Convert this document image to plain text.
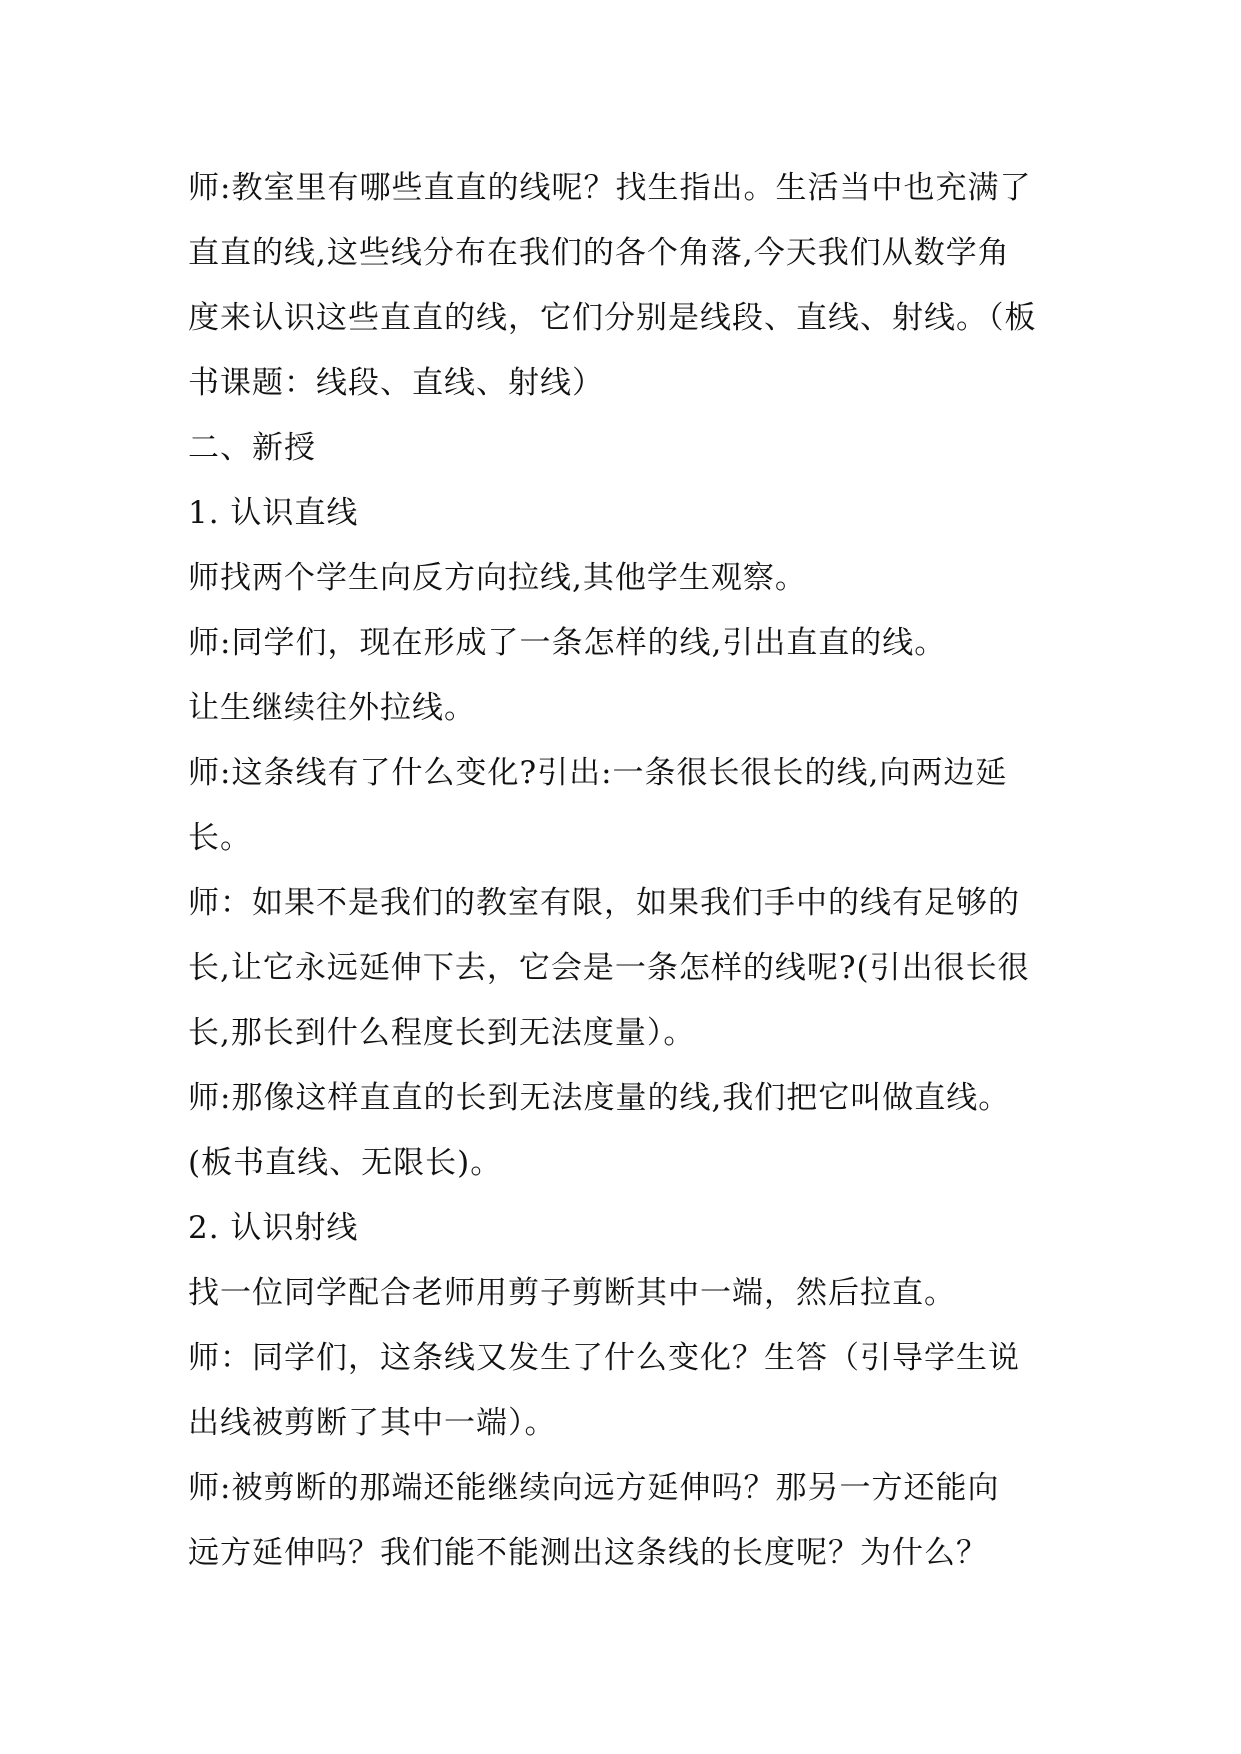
师:教室里有哪些直直的线呢？找生指出。生活当中也充满了
直直的线,这些线分布在我们的各个角落,今天我们从数学角
度来认识这些直直的线，它们分别是线段、直线、射线。（板
书课题：线段、直线、射线）
二、新授
1. 认识直线
师找两个学生向反方向拉线,其他学生观察。
师:同学们，现在形成了一条怎样的线,引出直直的线。
让生继续往外拉线。
师:这条线有了什么变化?引出:一条很长很长的线,向两边延
长。
师：如果不是我们的教室有限，如果我们手中的线有足够的
长,让它永远延伸下去，它会是一条怎样的线呢?(引出很长很
长,那长到什么程度长到无法度量）。
师:那像这样直直的长到无法度量的线,我们把它叫做直线。
(板书直线、无限长)。
2. 认识射线
找一位同学配合老师用剪子剪断其中一端，然后拉直。
师：同学们，这条线又发生了什么变化？生答（引导学生说
出线被剪断了其中一端）。
师:被剪断的那端还能继续向远方延伸吗？那另一方还能向
远方延伸吗？我们能不能测出这条线的长度呢？为什么？
